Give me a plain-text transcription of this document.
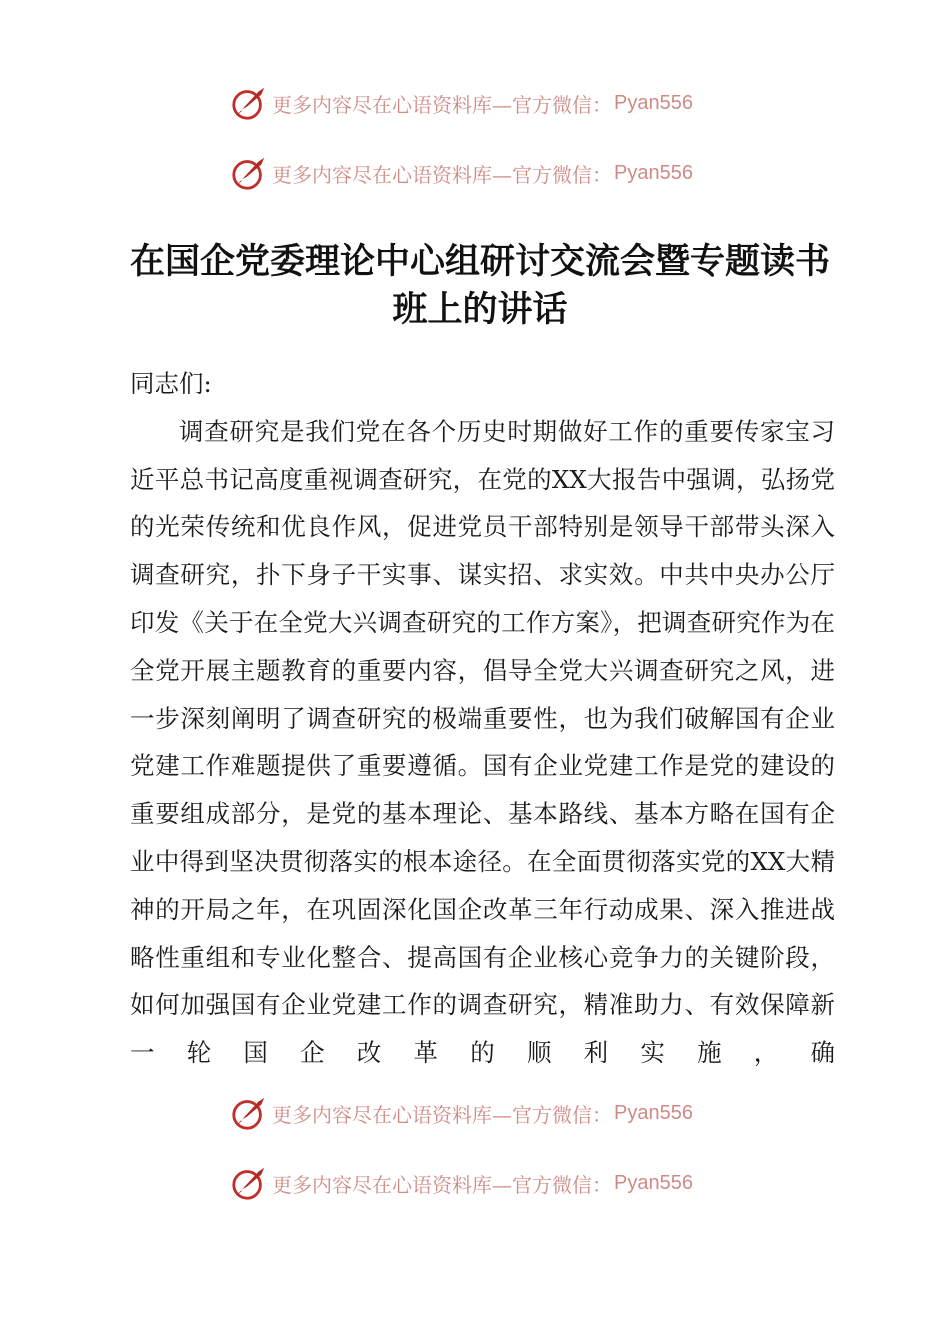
更多内容尽在心语资料库—官方微信： Pyan556
更多内容尽在心语资料库—官方微信： Pyan556
在国企党委理论中心组研讨交流会暨专题读书
班上的讲话

同志们:

调查研究是我们党在各个历史时期做好工作的重要传家宝习近平总书记高度重视调查研究，在党的XX大报告中强调，弘扬党的光荣传统和优良作风，促进党员干部特别是领导干部带头深入调查研究，扑下身子干实事、谋实招、求实效。中共中央办公厅印发《关于在全党大兴调查研究的工作方案》，把调查研究作为在全党开展主题教育的重要内容，倡导全党大兴调查研究之风，进一步深刻阐明了调查研究的极端重要性，也为我们破解国有企业党建工作难题提供了重要遵循。国有企业党建工作是党的建设的重要组成部分，是党的基本理论、基本路线、基本方略在国有企业中得到坚决贯彻落实的根本途径。在全面贯彻落实党的XX大精神的开局之年，在巩固深化国企改革三年行动成果、深入推进战略性重组和专业化整合、提高国有企业核心竞争力的关键阶段，如何加强国有企业党建工作的调查研究，精准助力、有效保障新一轮国企改革的顺利实施，确

更多内容尽在心语资料库—官方微信： Pyan556
更多内容尽在心语资料库—官方微信： Pyan556
